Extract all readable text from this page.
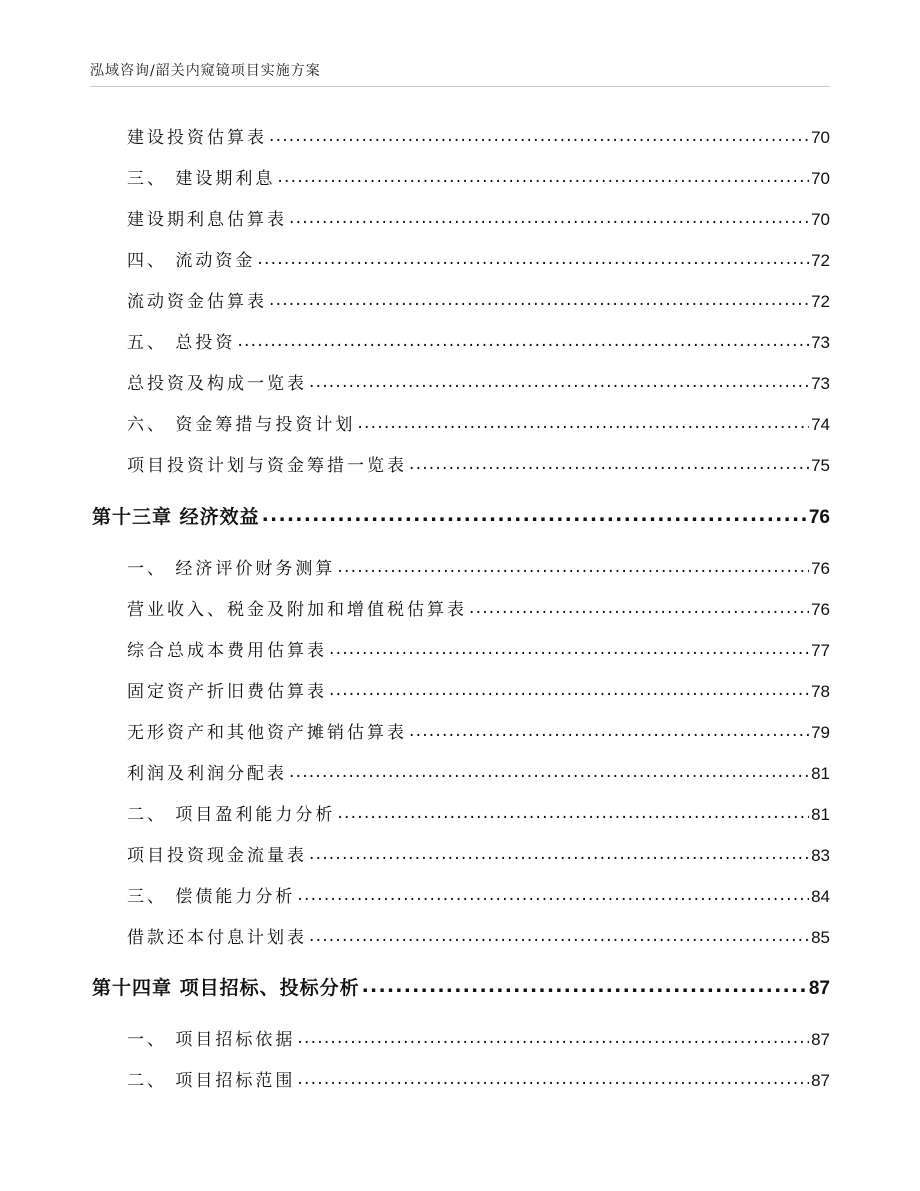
泓域咨询/韶关内窥镜项目实施方案
建设投资估算表 .....	70
三、 建设期利息 .....	70
建设期利息估算表 .....	70
四、 流动资金 .....	72
流动资金估算表 .....	72
五、 总投资 .....	73
总投资及构成一览表 .....	73
六、 资金筹措与投资计划 .....	74
项目投资计划与资金筹措一览表 .....	75
第十三章 经济效益 .....	76
一、 经济评价财务测算 .....	76
营业收入、税金及附加和增值税估算表 .....	76
综合总成本费用估算表 .....	77
固定资产折旧费估算表 .....	78
无形资产和其他资产摊销估算表 .....	79
利润及利润分配表 .....	81
二、 项目盈利能力分析 .....	81
项目投资现金流量表 .....	83
三、 偿债能力分析 .....	84
借款还本付息计划表 .....	85
第十四章 项目招标、投标分析 .....	87
一、 项目招标依据 .....	87
二、 项目招标范围 .....	87
